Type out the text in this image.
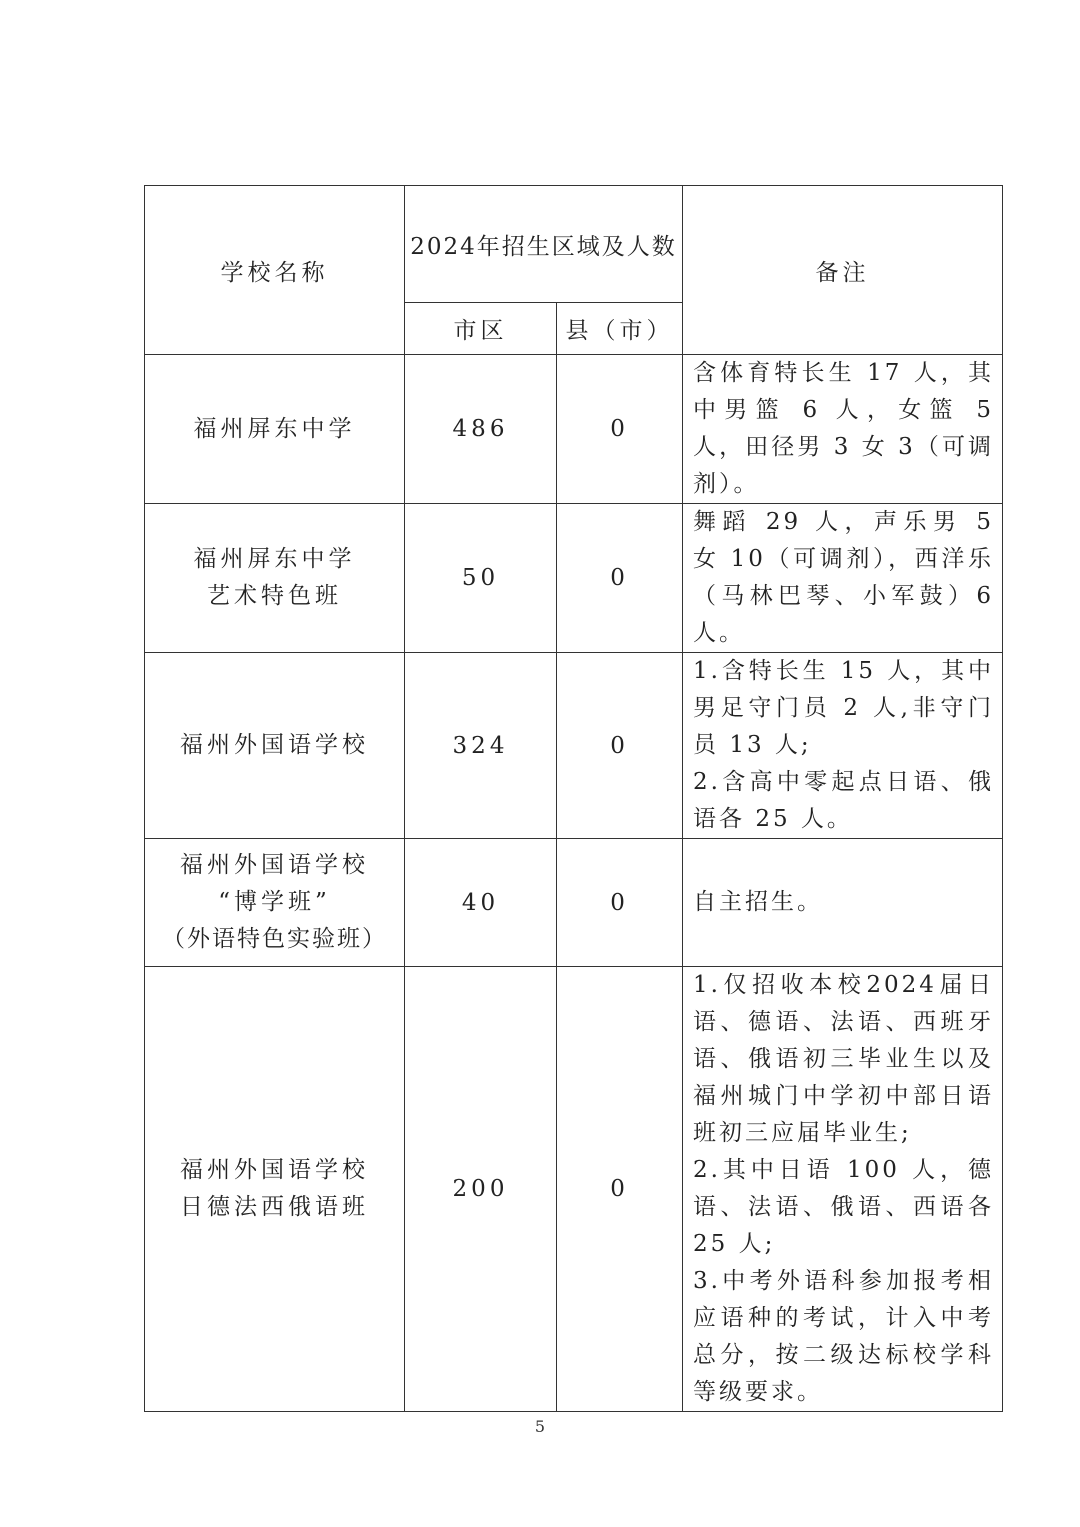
学校名称	2024年招生区域及人数		备注
	市区	县（市）	

福州屏东中学	486	0	含体育特长生 17 人，其中男篮 6 人，女篮 5 人，田径男 3 女 3（可调剂）。

福州屏东中学
艺术特色班	50	0	舞蹈 29 人，声乐男 5 女 10（可调剂），西洋乐（马林巴琴、小军鼓）6 人。

福州外国语学校	324	0	1.含特长生 15 人，其中男足守门员 2 人,非守门员 13 人;
2.含高中零起点日语、俄语各 25 人。

福州外国语学校
“博学班”
（外语特色实验班）	40	0	自主招生。

福州外国语学校
日德法西俄语班	200	0	1.仅招收本校2024届日语、德语、法语、西班牙语、俄语初三毕业生以及福州城门中学初中部日语班初三应届毕业生;
2.其中日语 100 人，德语、法语、俄语、西语各 25 人;
3.中考外语科参加报考相应语种的考试，计入中考总分，按二级达标校学科等级要求。
5
